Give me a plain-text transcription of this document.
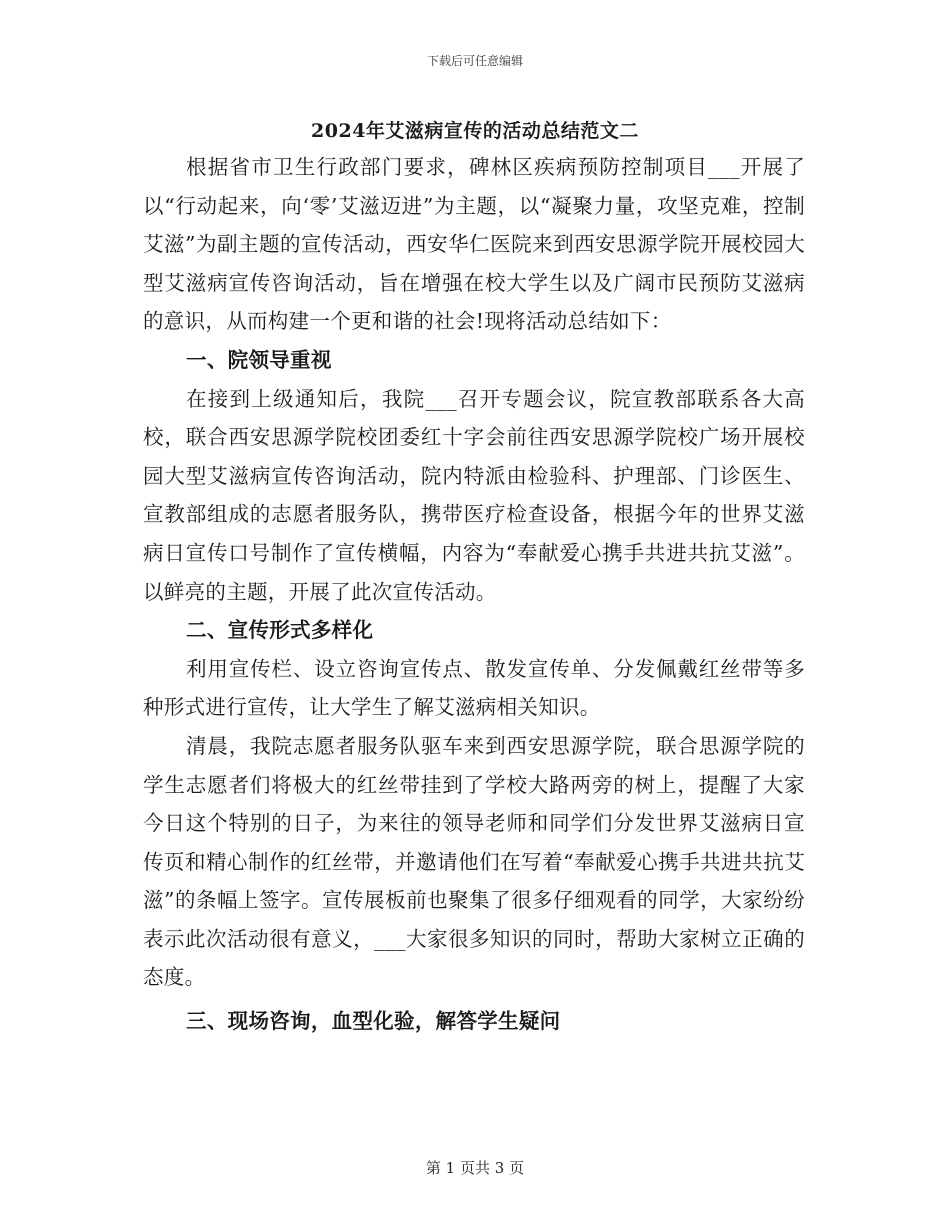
下载后可任意编辑
2024年艾滋病宣传的活动总结范文二

根据省市卫生行政部门要求，碑林区疾病预防控制项目___开展了以“行动起来，向‘零’艾滋迈进”为主题，以“凝聚力量，攻坚克难，控制艾滋”为副主题的宣传活动，西安华仁医院来到西安思源学院开展校园大型艾滋病宣传咨询活动，旨在增强在校大学生以及广阔市民预防艾滋病的意识，从而构建一个更和谐的社会!现将活动总结如下：

一、院领导重视

在接到上级通知后，我院___召开专题会议，院宣教部联系各大高校，联合西安思源学院校团委红十字会前往西安思源学院校广场开展校园大型艾滋病宣传咨询活动，院内特派由检验科、护理部、门诊医生、宣教部组成的志愿者服务队，携带医疗检查设备，根据今年的世界艾滋病日宣传口号制作了宣传横幅，内容为“奉献爱心携手共进共抗艾滋”。以鲜亮的主题，开展了此次宣传活动。

二、宣传形式多样化

利用宣传栏、设立咨询宣传点、散发宣传单、分发佩戴红丝带等多种形式进行宣传，让大学生了解艾滋病相关知识。

清晨，我院志愿者服务队驱车来到西安思源学院，联合思源学院的学生志愿者们将极大的红丝带挂到了学校大路两旁的树上，提醒了大家今日这个特别的日子，为来往的领导老师和同学们分发世界艾滋病日宣传页和精心制作的红丝带，并邀请他们在写着“奉献爱心携手共进共抗艾滋”的条幅上签字。宣传展板前也聚集了很多仔细观看的同学，大家纷纷表示此次活动很有意义，___大家很多知识的同时，帮助大家树立正确的态度。

三、现场咨询，血型化验，解答学生疑问

第 1 页共 3 页
